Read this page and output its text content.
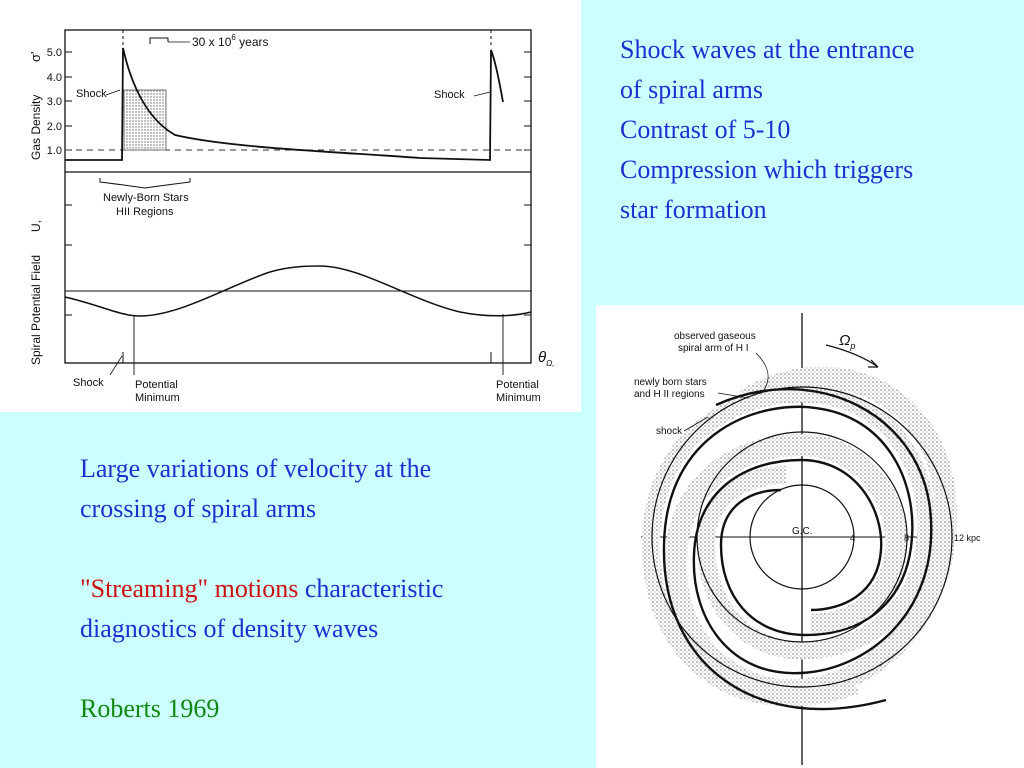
5.0
4.0
3.0
2.0
1.0
Gas Density
σ'
Spiral Potential Field
U,
30 x $10^6$ years
Shock	Shock
Newly-Born Stars
HII Regions
Shock	Potential
Minimum
Potential
Minimum
$\theta_{\Omega,}$
$\Omega_p$
observed gaseous
spiral arm of H I
newly born stars
and H II regions
shock
G.C.
4	8	12 kpc
Shock waves at the entrance
of spiral arms
Contrast of 5-10
Compression which triggers
star formation
Large variations of velocity at the
crossing of spiral arms
"Streaming" motions characteristic
diagnostics of density waves
Roberts 1969
